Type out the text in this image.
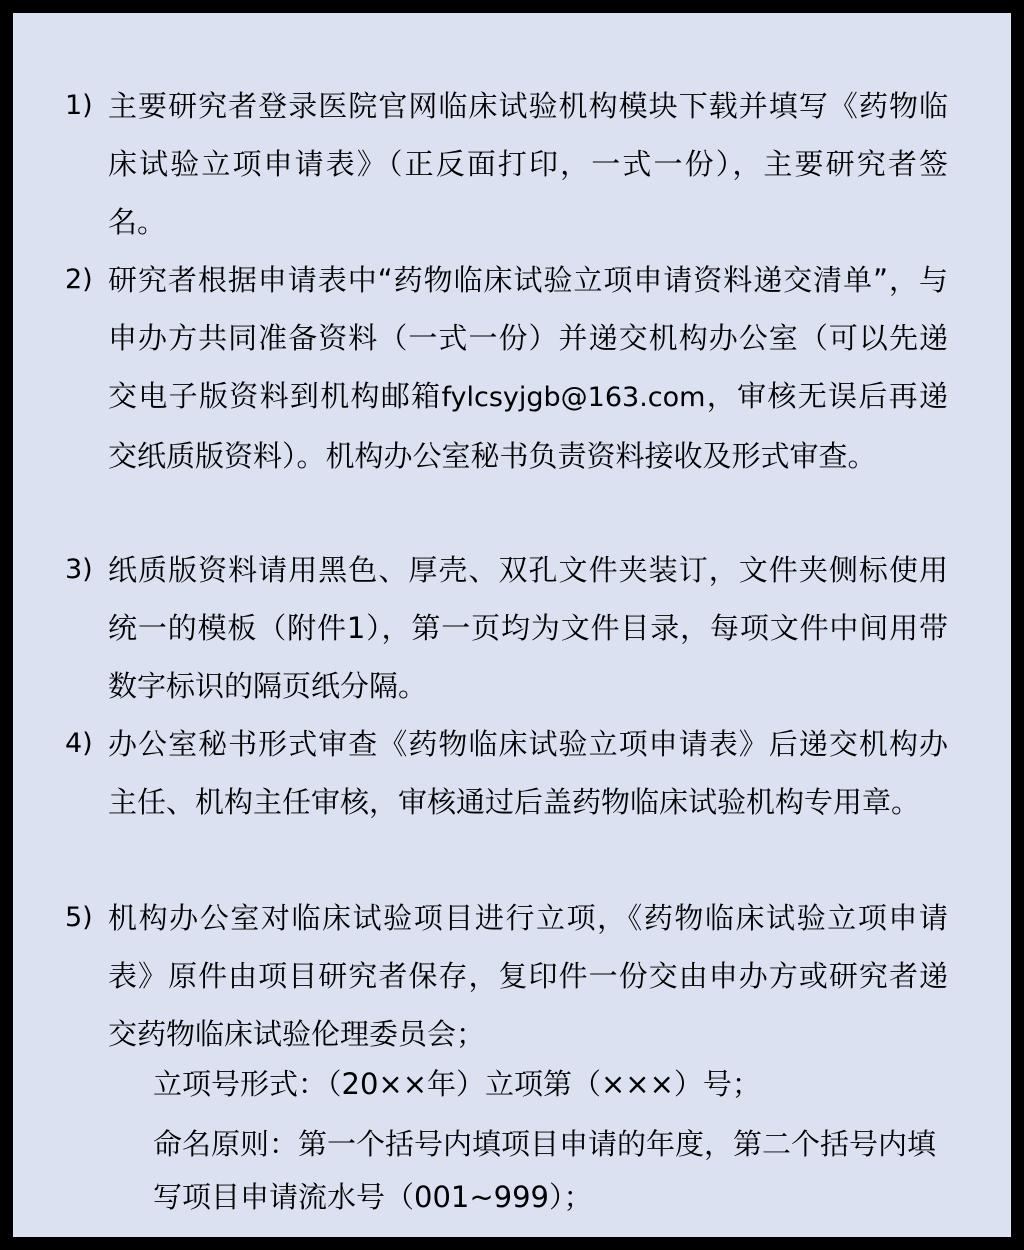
1) 主要研究者登录医院官网临床试验机构模块下载并填写《药物临床试验立项申请表》（正反面打印，一式一份），主要研究者签名。
2) 研究者根据申请表中“药物临床试验立项申请资料递交清单”，与申办方共同准备资料（一式一份）并递交机构办公室（可以先递交电子版资料到机构邮箱fylcsyjgb@163.com，审核无误后再递交纸质版资料）。机构办公室秘书负责资料接收及形式审查。
3) 纸质版资料请用黑色、厚壳、双孔文件夹装订，文件夹侧标使用统一的模板（附件1），第一页均为文件目录，每项文件中间用带数字标识的隔页纸分隔。
4) 办公室秘书形式审查《药物临床试验立项申请表》后递交机构办主任、机构主任审核，审核通过后盖药物临床试验机构专用章。
5) 机构办公室对临床试验项目进行立项，《药物临床试验立项申请表》原件由项目研究者保存，复印件一份交由申办方或研究者递交药物临床试验伦理委员会；
立项号形式：（20××年）立项第（×××）号；
命名原则：第一个括号内填项目申请的年度，第二个括号内填写项目申请流水号（001~999）；
